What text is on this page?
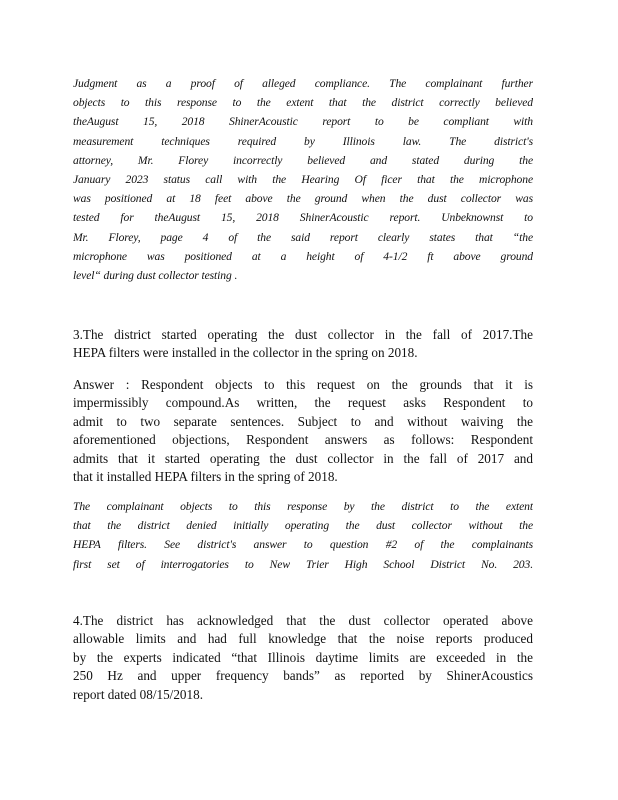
Judgment as a proof of alleged compliance. The complainant further
objects to this response to the extent that the district correctly believed
theAugust 15, 2018 ShinerAcoustic report to be compliant with
measurement techniques required by Illinois law. The district's
attorney, Mr. Florey incorrectly believed and stated during the
January 2023 status call with the Hearing Of ficer that the microphone
was positioned at 18 feet above the ground when the dust collector was
tested for theAugust 15, 2018 ShinerAcoustic report. Unbeknownst to
Mr. Florey, page 4 of the said report clearly states that “the
microphone was positioned at a height of 4-1/2 ft above ground
level“ during dust collector testing .
3.The district started operating the dust collector in the fall of 2017.The
HEPA filters were installed in the collector in the spring on 2018.
Answer : Respondent objects to this request on the grounds that it is
impermissibly compound.As written, the request asks Respondent to
admit to two separate sentences. Subject to and without waiving the
aforementioned objections, Respondent answers as follows: Respondent
admits that it started operating the dust collector in the fall of 2017 and
that it installed HEPA filters in the spring of 2018.
The complainant objects to this response by the district to the extent
that the district denied initially operating the dust collector without the
HEPA filters. See district's answer to question #2 of the complainants
first set of interrogatories to New Trier High School District No. 203.
4.The district has acknowledged that the dust collector operated above
allowable limits and had full knowledge that the noise reports produced
by the experts indicated “that Illinois daytime limits are exceeded in the
250 Hz and upper frequency bands” as reported by ShinerAcoustics
report dated 08/15/2018.
